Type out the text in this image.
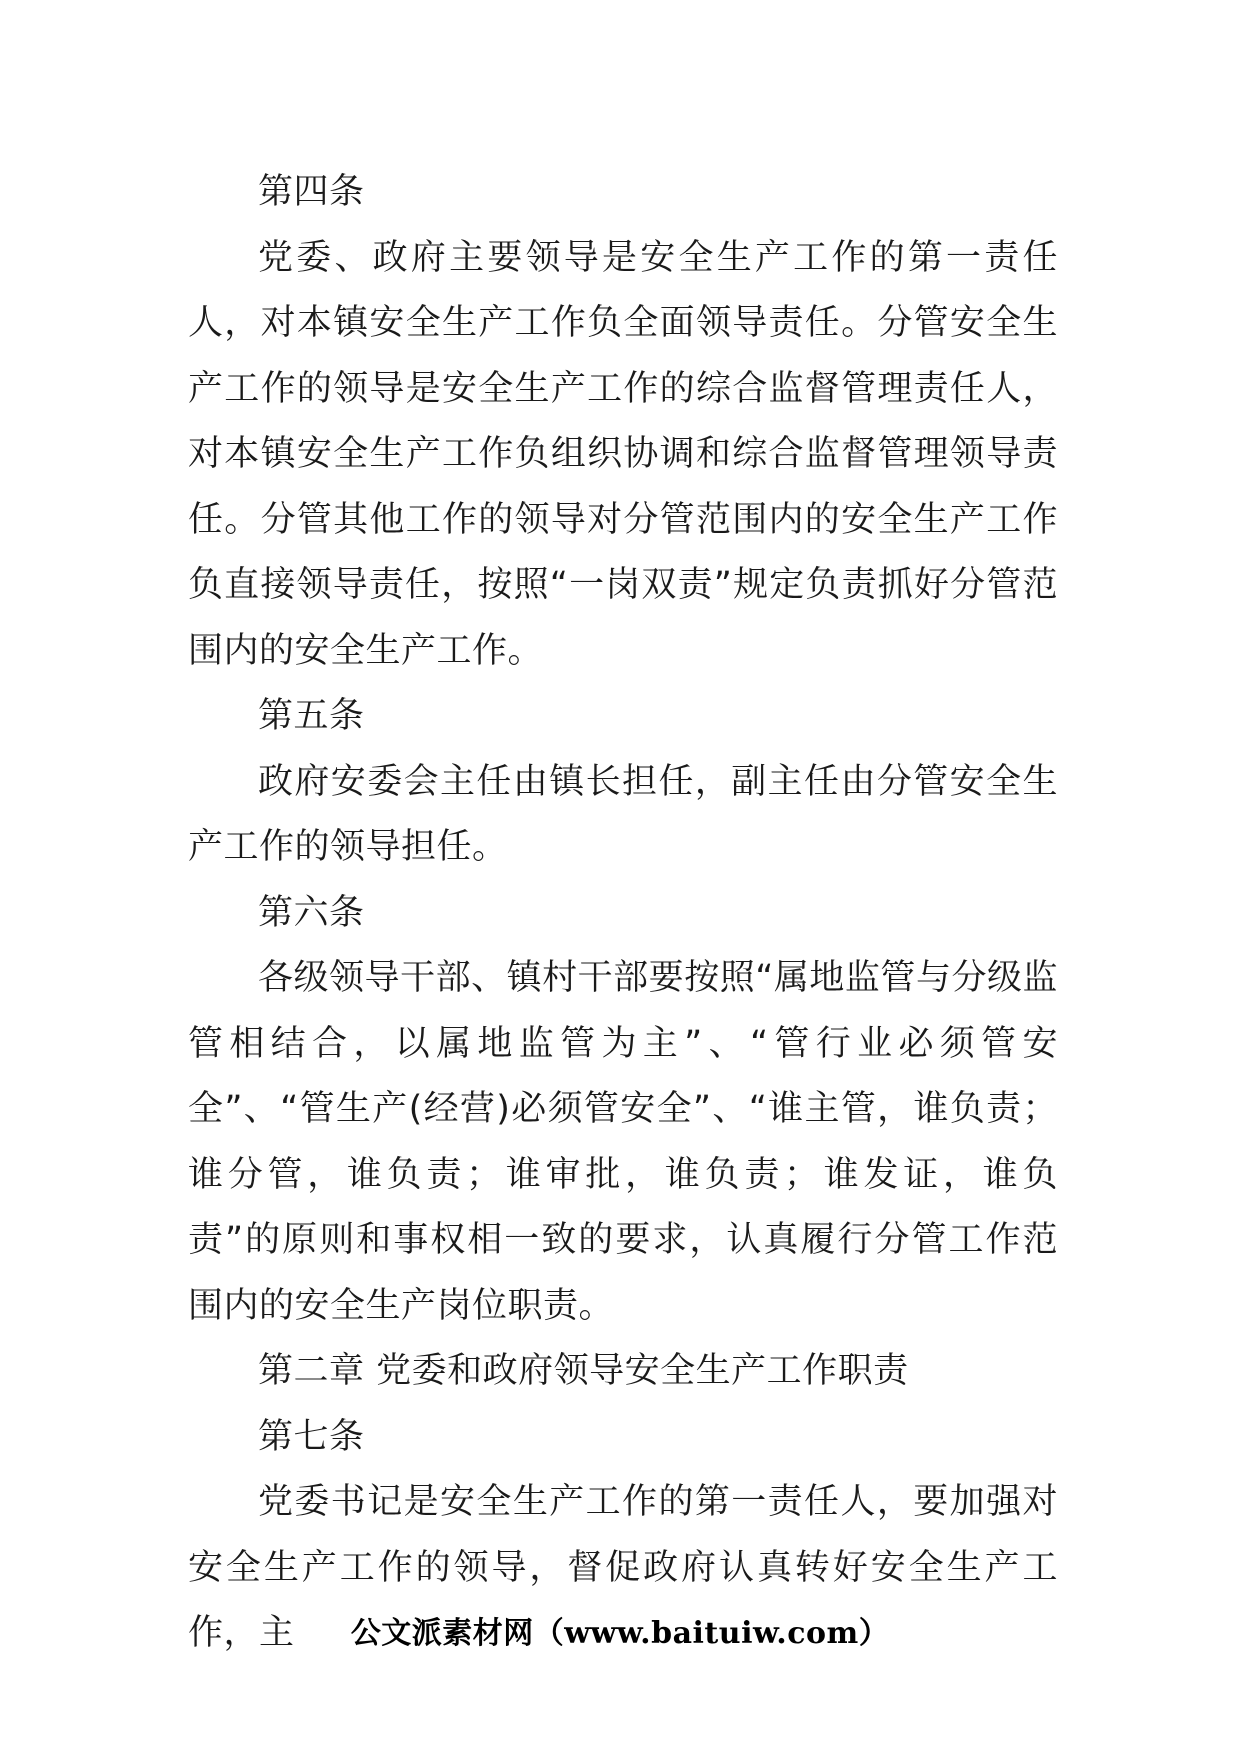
第四条

党委、政府主要领导是安全生产工作的第一责任人，对本镇安全生产工作负全面领导责任。分管安全生产工作的领导是安全生产工作的综合监督管理责任人，对本镇安全生产工作负组织协调和综合监督管理领导责任。分管其他工作的领导对分管范围内的安全生产工作负直接领导责任，按照“一岗双责”规定负责抓好分管范围内的安全生产工作。

第五条

政府安委会主任由镇长担任，副主任由分管安全生产工作的领导担任。

第六条

各级领导干部、镇村干部要按照“属地监管与分级监管相结合，以属地监管为主”、“管行业必须管安全”、“管生产(经营)必须管安全”、“谁主管，谁负责；谁分管，谁负责；谁审批，谁负责；谁发证，谁负责”的原则和事权相一致的要求，认真履行分管工作范围内的安全生产岗位职责。

第二章 党委和政府领导安全生产工作职责

第七条

党委书记是安全生产工作的第一责任人，要加强对安全生产工作的领导，督促政府认真转好安全生产工作，主	公文派素材网（www.baituiw.com）
